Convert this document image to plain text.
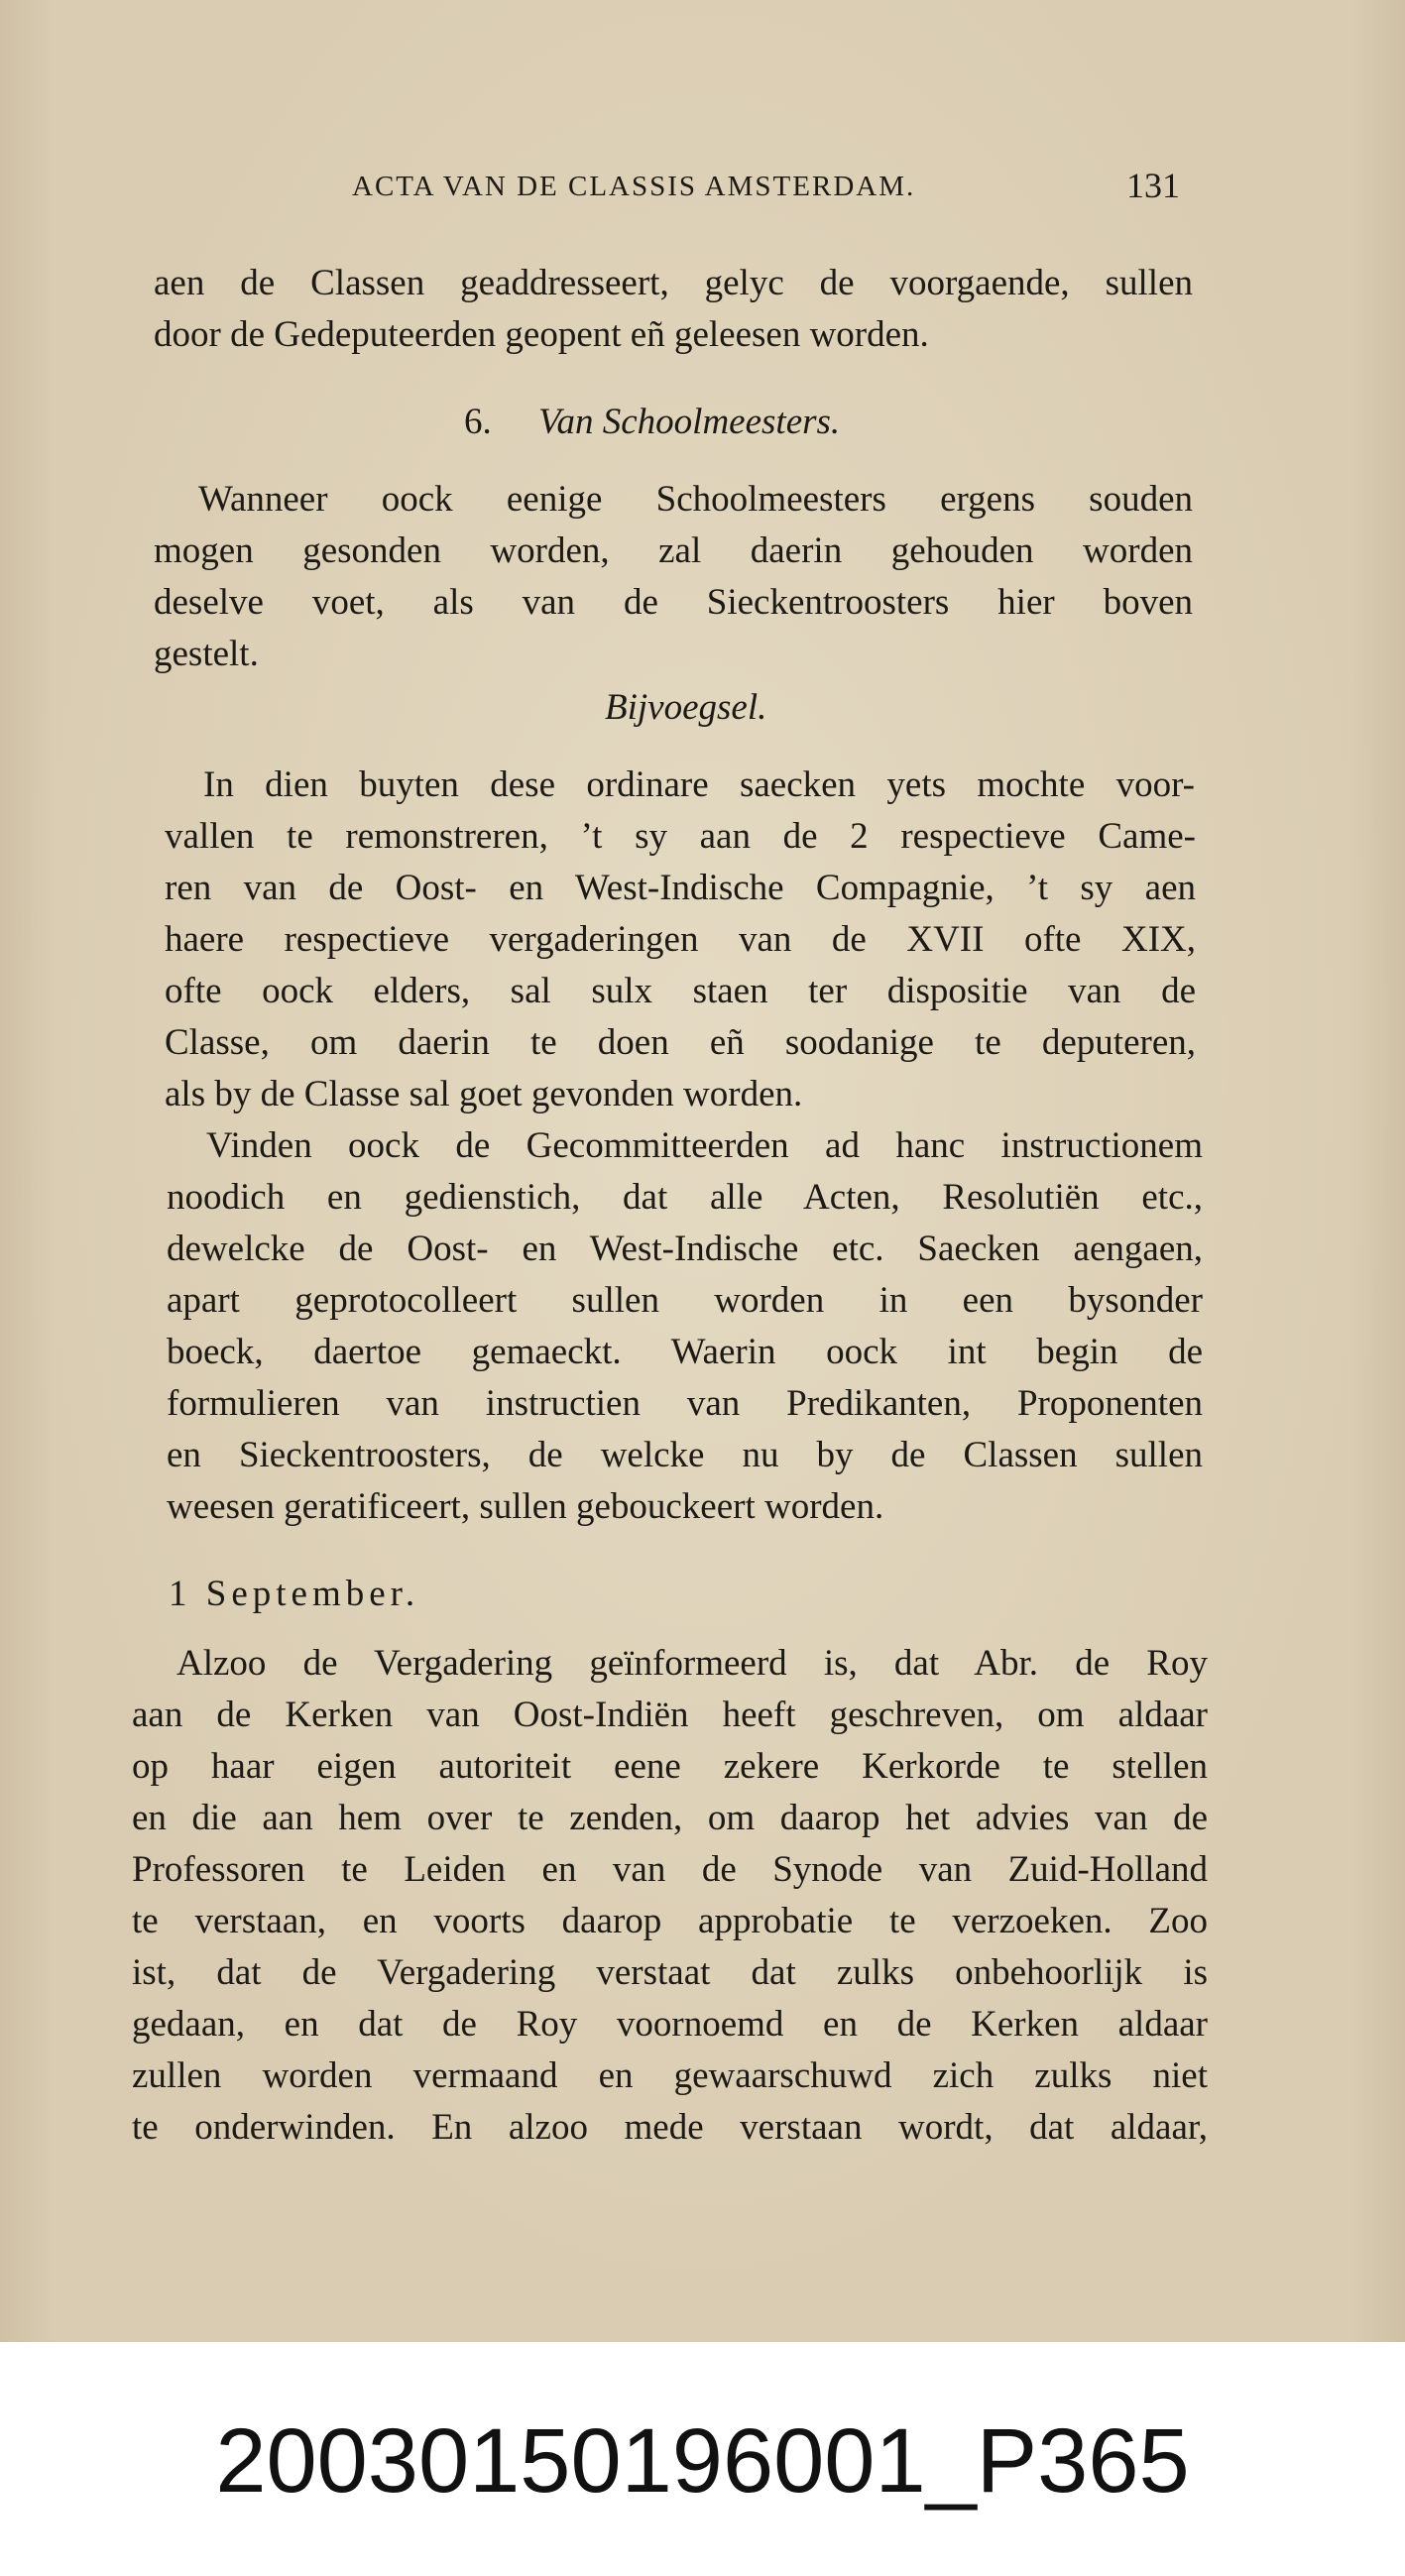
ACTA VAN DE CLASSIS AMSTERDAM.	131
aen de Classen geaddresseert, gelyc de voorgaende, sullen
door de Gedeputeerden geopent eñ geleesen worden.
6. Van Schoolmeesters.
Wanneer oock eenige Schoolmeesters ergens souden
mogen gesonden worden, zal daerin gehouden worden
deselve voet, als van de Sieckentroosters hier boven
gestelt.
Bijvoegsel.
In dien buyten dese ordinare saecken yets mochte voor-
vallen te remonstreren, ’t sy aan de 2 respectieve Came-
ren van de Oost- en West-Indische Compagnie, ’t sy aen
haere respectieve vergaderingen van de XVII ofte XIX,
ofte oock elders, sal sulx staen ter dispositie van de
Classe, om daerin te doen eñ soodanige te deputeren,
als by de Classe sal goet gevonden worden.
Vinden oock de Gecommitteerden ad hanc instructionem
noodich en gedienstich, dat alle Acten, Resolutiën etc.,
dewelcke de Oost- en West-Indische etc. Saecken aengaen,
apart geprotocolleert sullen worden in een bysonder
boeck, daertoe gemaeckt. Waerin oock int begin de
formulieren van instructien van Predikanten, Proponenten
en Sieckentroosters, de welcke nu by de Classen sullen
weesen geratificeert, sullen gebouckeert worden.
1 September.
Alzoo de Vergadering geïnformeerd is, dat Abr. de Roy
aan de Kerken van Oost-Indiën heeft geschreven, om aldaar
op haar eigen autoriteit eene zekere Kerkorde te stellen
en die aan hem over te zenden, om daarop het advies van de
Professoren te Leiden en van de Synode van Zuid-Holland
te verstaan, en voorts daarop approbatie te verzoeken. Zoo
ist, dat de Vergadering verstaat dat zulks onbehoorlijk is
gedaan, en dat de Roy voornoemd en de Kerken aldaar
zullen worden vermaand en gewaarschuwd zich zulks niet
te onderwinden. En alzoo mede verstaan wordt, dat aldaar,
20030150196001_P365
